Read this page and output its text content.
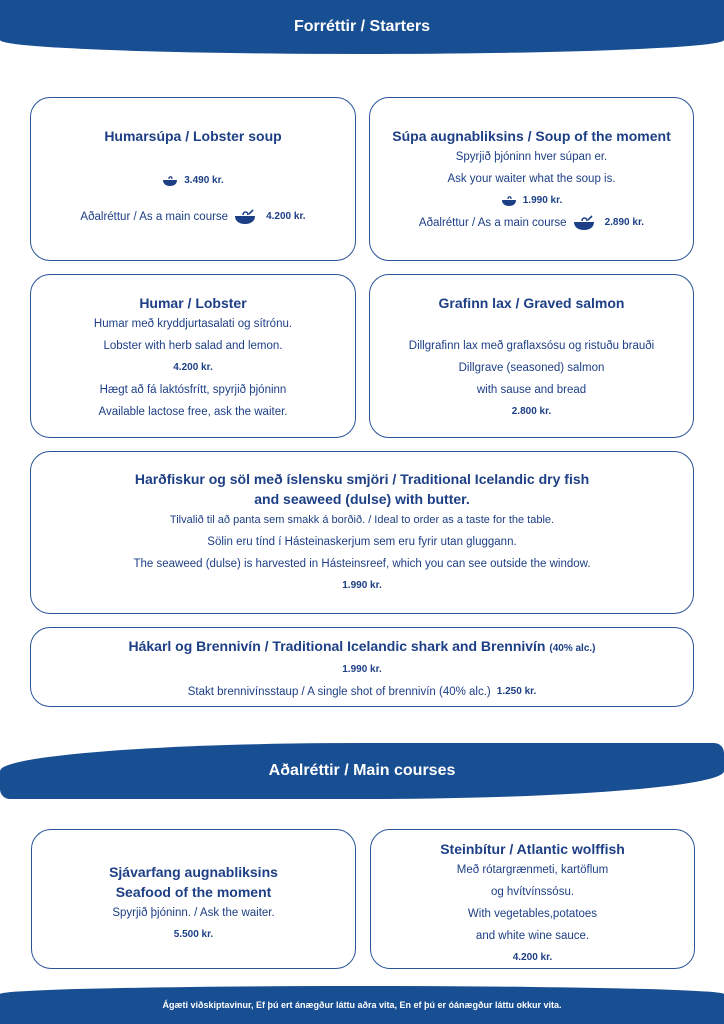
Forréttir / Starters
Humarsúpa / Lobster soup
3.490 kr.
Aðalréttur / As a main course	4.200 kr.
Súpa augnabliksins / Soup of the moment
Spyrjið þjóninn hver súpan er.
Ask your waiter what the soup is.
1.990 kr.
Aðalréttur / As a main course	2.890 kr.
Humar / Lobster
Humar með kryddjurtasalati og sítrónu.
Lobster with herb salad and lemon.
4.200 kr.
Hægt að fá laktósfrítt, spyrjið þjóninn
Available lactose free, ask the waiter.
Grafinn lax / Graved salmon
Dillgrafinn lax með graflaxsósu og ristuðu brauði
Dillgrave (seasoned) salmon
with sause and bread
2.800 kr.
Harðfiskur og söl með íslensku smjöri / Traditional Icelandic dry fish
and seaweed (dulse) with butter.
Tilvalið til að panta sem smakk á borðið. / Ideal to order as a taste for the table.
Sölin eru tínd í Hásteinaskerjum sem eru fyrir utan gluggann.
The seaweed (dulse) is harvested in Hásteinsreef, which you can see outside the window.
1.990 kr.
Hákarl og Brennivín / Traditional Icelandic shark and Brennivín (40% alc.)
1.990 kr.
Stakt brennivínsstaup / A single shot of brennivín (40% alc.) 1.250 kr.
Aðalréttir / Main courses
Sjávarfang augnabliksins
Seafood of the moment
Spyrjið þjóninn. / Ask the waiter.
5.500 kr.
Steinbítur / Atlantic wolffish
Með rótargrænmeti, kartöflum
og hvítvínssósu.
With vegetables,potatoes
and white wine sauce.
4.200 kr.
Ágæti viðskiptavinur, Ef þú ert ánægður láttu aðra vita, En ef þú er óánægður láttu okkur vita.
